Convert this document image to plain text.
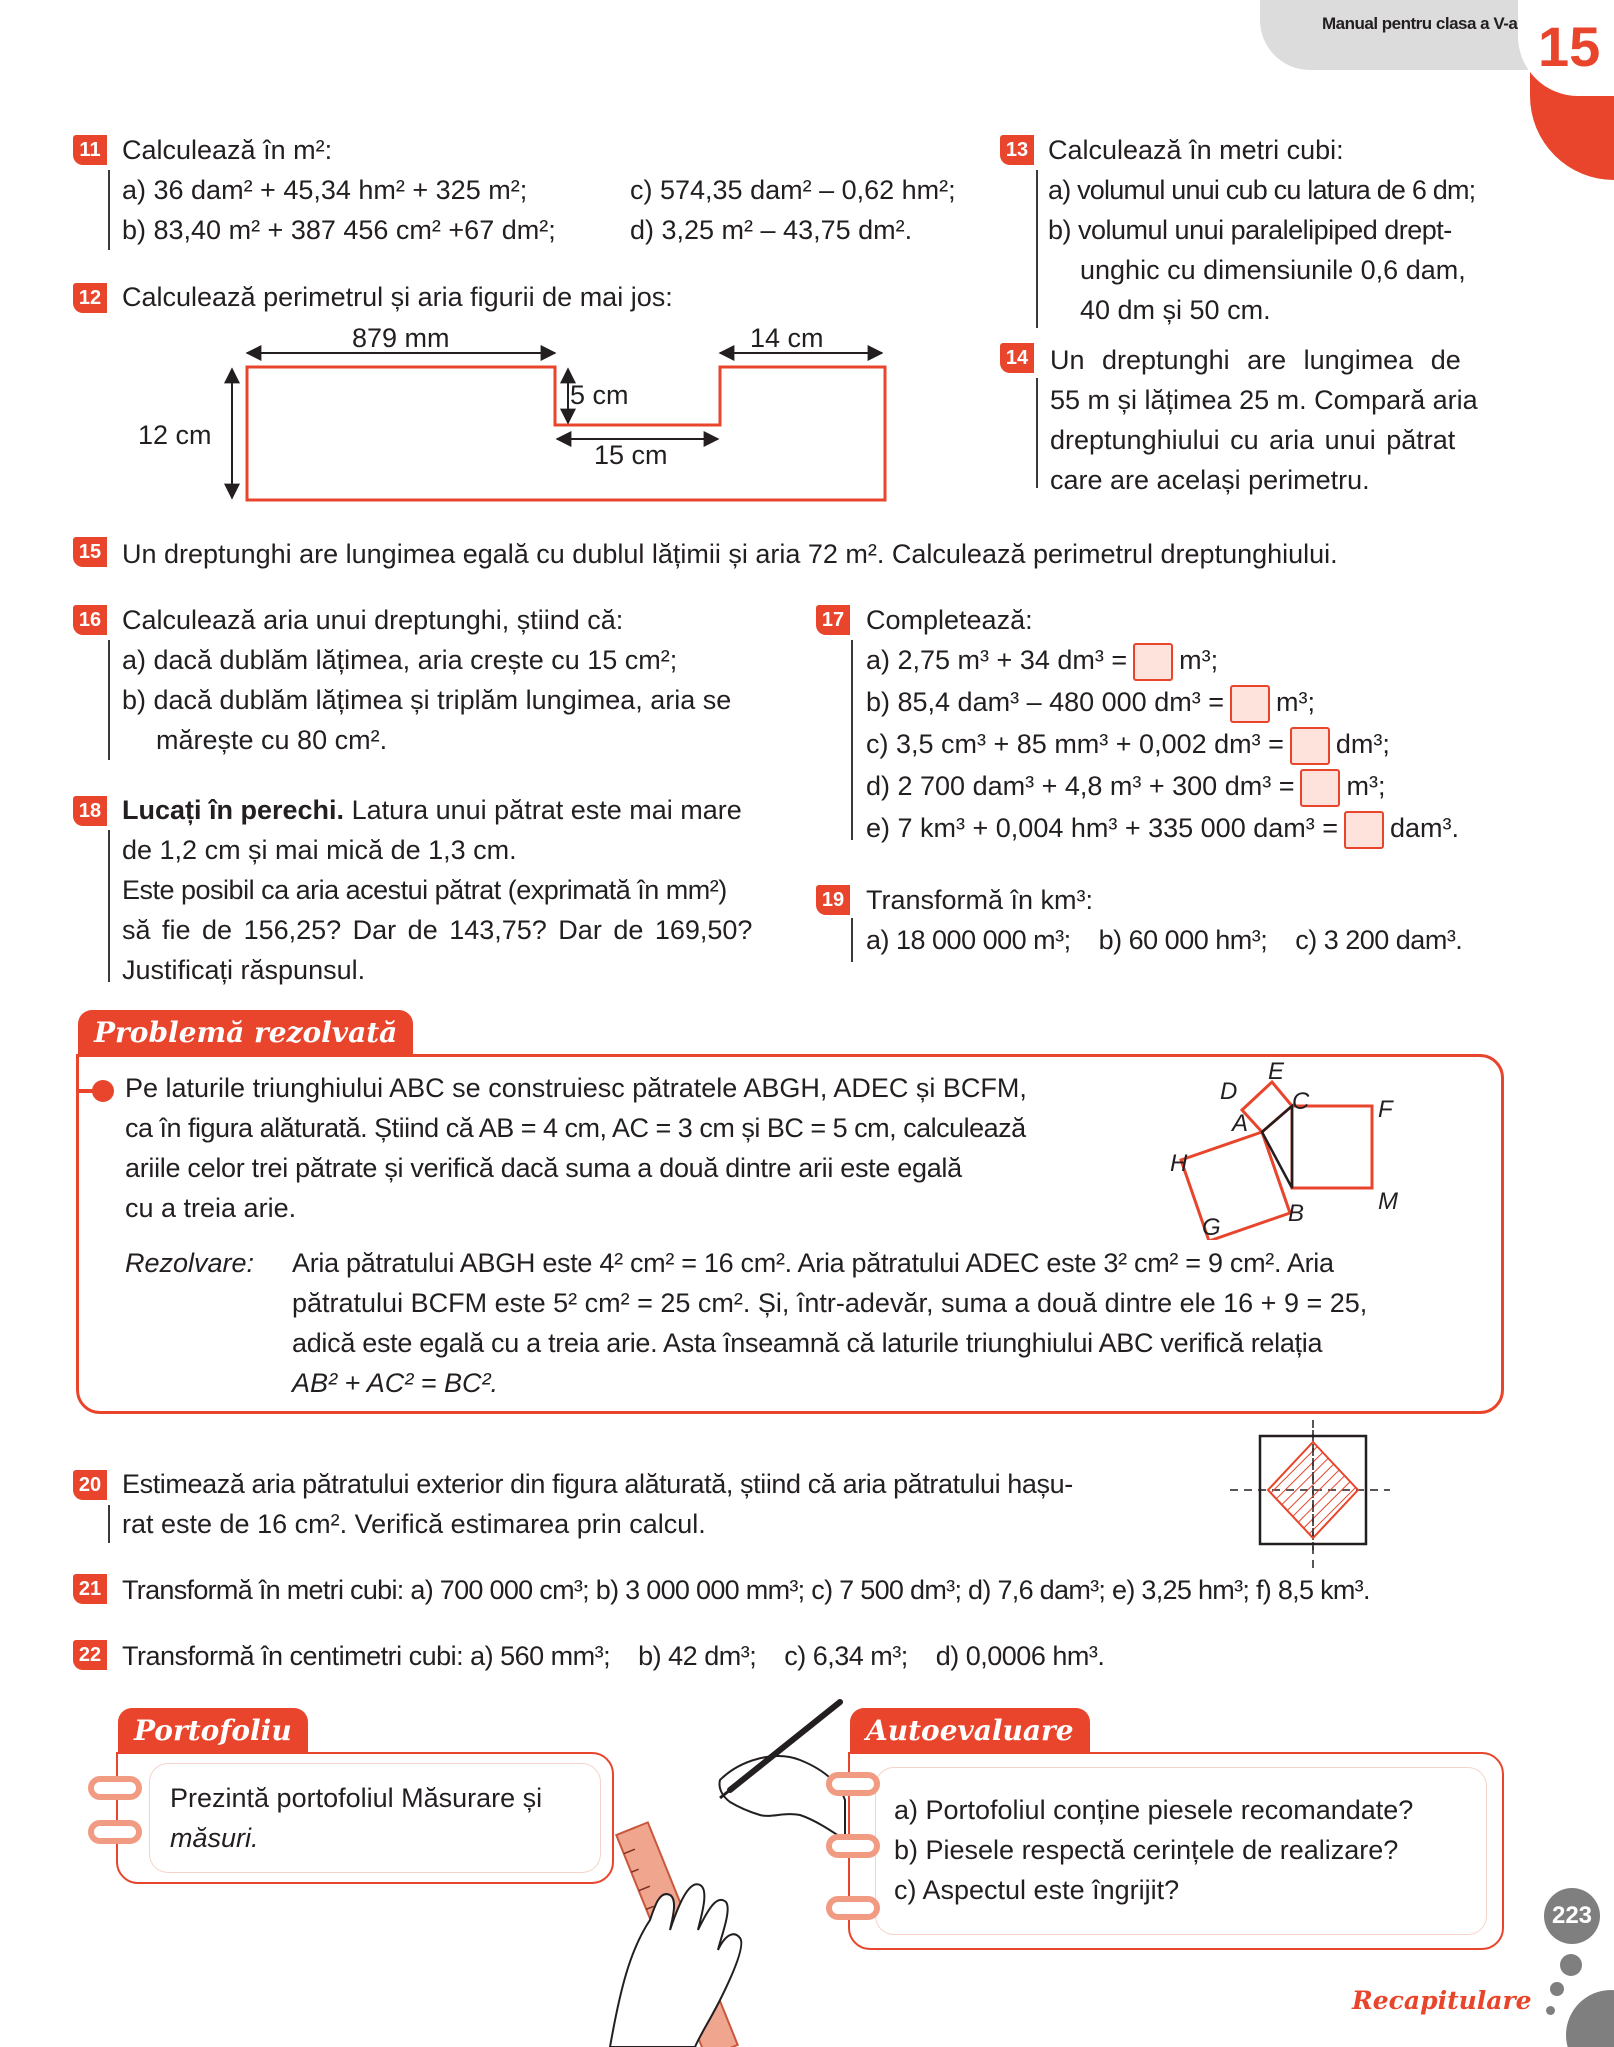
Manual pentru clasa a V-a 15
11 Calculează în m²:
a) 36 dam² + 45,34 hm² + 325 m²;	c) 574,35 dam² – 0,62 hm²;
b) 83,40 m² + 387 456 cm² +67 dm²;	d) 3,25 m² – 43,75 dm².
12 Calculează perimetrul și aria figurii de mai jos:
879 mm	14 cm
12 cm
5 cm
15 cm
13 Calculează în metri cubi:
a) volumul unui cub cu latura de 6 dm;
b) volumul unui paralelipiped drept-
unghic cu dimensiunile 0,6 dam,
40 dm și 50 cm.
14 Un dreptunghi are lungimea de
55 m și lățimea 25 m. Compară aria
dreptunghiului cu aria unui pătrat
care are același perimetru.
15 Un dreptunghi are lungimea egală cu dublul lățimii și aria 72 m². Calculează perimetrul dreptunghiului.
16 Calculează aria unui dreptunghi, știind că:
a) dacă dublăm lățimea, aria crește cu 15 cm²;
b) dacă dublăm lățimea și triplăm lungimea, aria se
mărește cu 80 cm².
17 Completează:
a) 2,75 m³ + 34 dm³ = m³;
b) 85,4 dam³ – 480 000 dm³ = m³;
c) 3,5 cm³ + 85 mm³ + 0,002 dm³ = dm³;
d) 2 700 dam³ + 4,8 m³ + 300 dm³ = m³;
e) 7 km³ + 0,004 hm³ + 335 000 dam³ = dam³.
18 Lucați în perechi. Latura unui pătrat este mai mare
de 1,2 cm și mai mică de 1,3 cm.
Este posibil ca aria acestui pătrat (exprimată în mm²)
să fie de 156,25? Dar de 143,75? Dar de 169,50?
Justificați răspunsul.
19 Transformă în km³:
a) 18 000 000 m³;    b) 60 000 hm³;    c) 3 200 dam³.
Problemă rezolvată
Pe laturile triunghiului ABC se construiesc pătratele ABGH, ADEC și BCFM,
ca în figura alăturată. Știind că AB = 4 cm, AC = 3 cm și BC = 5 cm, calculează
ariile celor trei pătrate și verifică dacă suma a două dintre arii este egală
cu a treia arie.
Rezolvare: Aria pătratului ABGH este 4² cm² = 16 cm². Aria pătratului ADEC este 3² cm² = 9 cm². Aria
pătratului BCFM este 5² cm² = 25 cm². Și, într-adevăr, suma a două dintre ele 16 + 9 = 25,
adică este egală cu a treia arie. Asta înseamnă că laturile triunghiului ABC verifică relația
AB² + AC² = BC².
D
E
C	F
A
H
B	M
G
20 Estimează aria pătratului exterior din figura alăturată, știind că aria pătratului hașu-
rat este de 16 cm². Verifică estimarea prin calcul.
21 Transformă în metri cubi: a) 700 000 cm³; b) 3 000 000 mm³; c) 7 500 dm³; d) 7,6 dam³; e) 3,25 hm³; f) 8,5 km³.
22 Transformă în centimetri cubi: a) 560 mm³;    b) 42 dm³;    c) 6,34 m³;    d) 0,0006 hm³.
Portofoliu
Prezintă portofoliul Măsurare și
măsuri.
Autoevaluare
a) Portofoliul conține piesele recomandate?
b) Piesele respectă cerințele de realizare?
c) Aspectul este îngrijit?
223
Recapitulare
